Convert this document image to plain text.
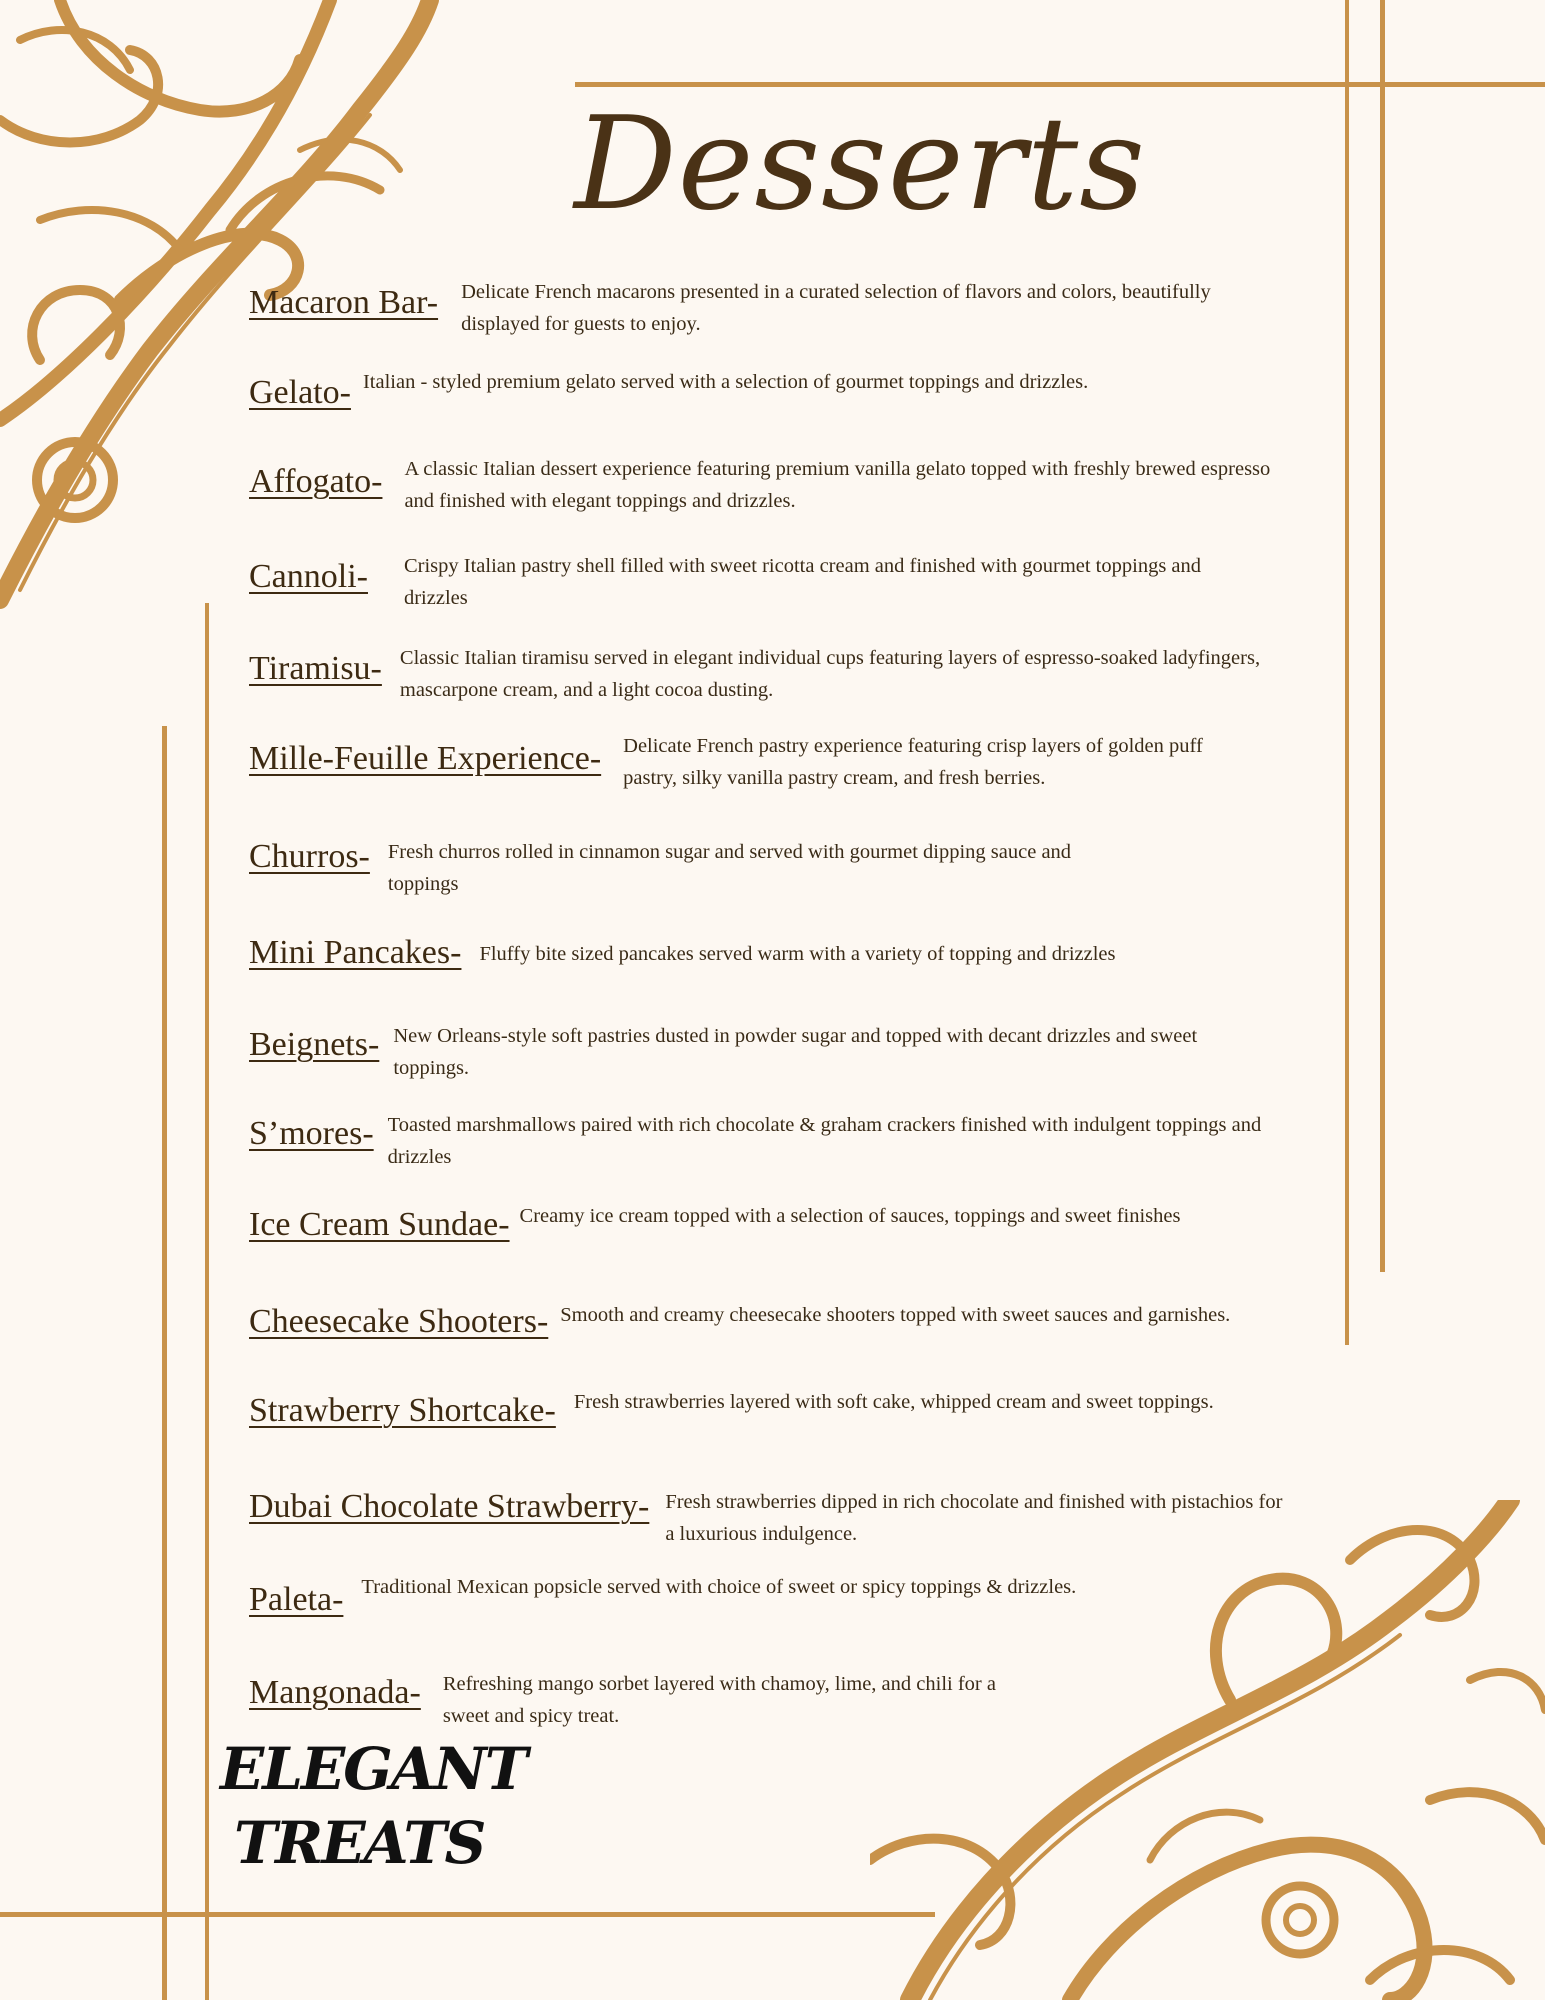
Desserts
Macaron Bar- Delicate French macarons presented in a curated selection of flavors and colors, beautifully displayed for guests to enjoy.
Gelato- Italian - styled premium gelato served with a selection of gourmet toppings and drizzles.
Affogato- A classic Italian dessert experience featuring premium vanilla gelato topped with freshly brewed espresso and finished with elegant toppings and drizzles.
Cannoli- Crispy Italian pastry shell filled with sweet ricotta cream and finished with gourmet toppings and drizzles
Tiramisu- Classic Italian tiramisu served in elegant individual cups featuring layers of espresso-soaked ladyfingers, mascarpone cream, and a light cocoa dusting.
Mille-Feuille Experience- Delicate French pastry experience featuring crisp layers of golden puff pastry, silky vanilla pastry cream, and fresh berries.
Churros- Fresh churros rolled in cinnamon sugar and served with gourmet dipping sauce and toppings
Mini Pancakes- Fluffy bite sized pancakes served warm with a variety of topping and drizzles
Beignets- New Orleans-style soft pastries dusted in powder sugar and topped with decant drizzles and sweet toppings.
S’mores- Toasted marshmallows paired with rich chocolate & graham crackers finished with indulgent toppings and drizzles
Ice Cream Sundae- Creamy ice cream topped with a selection of sauces, toppings and sweet finishes
Cheesecake Shooters- Smooth and creamy cheesecake shooters topped with sweet sauces and garnishes.
Strawberry Shortcake- Fresh strawberries layered with soft cake, whipped cream and sweet toppings.
Dubai Chocolate Strawberry- Fresh strawberries dipped in rich chocolate and finished with pistachios for a luxurious indulgence.
Paleta- Traditional Mexican popsicle served with choice of sweet or spicy toppings & drizzles.
Mangonada- Refreshing mango sorbet layered with chamoy, lime, and chili for a sweet and spicy treat.
ELEGANT
TREATS
